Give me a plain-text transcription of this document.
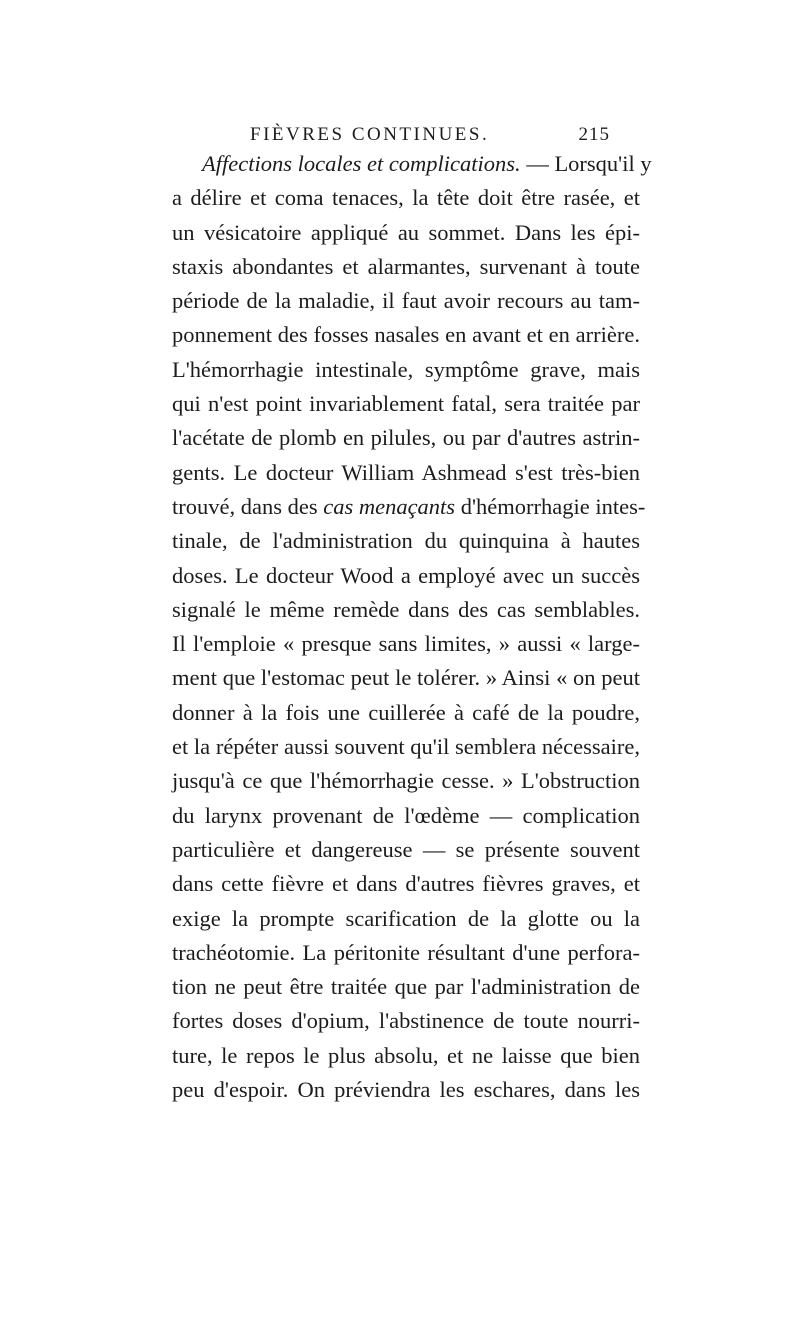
FIÈVRES CONTINUES.	215
Affections locales et complications. — Lorsqu'il y
a délire et coma tenaces, la tête doit être rasée, et
un vésicatoire appliqué au sommet. Dans les épi-
staxis abondantes et alarmantes, survenant à toute
période de la maladie, il faut avoir recours au tam-
ponnement des fosses nasales en avant et en arrière.
L'hémorrhagie intestinale, symptôme grave, mais
qui n'est point invariablement fatal, sera traitée par
l'acétate de plomb en pilules, ou par d'autres astrin-
gents. Le docteur William Ashmead s'est très-bien
trouvé, dans des cas menaçants d'hémorrhagie intes-
tinale, de l'administration du quinquina à hautes
doses. Le docteur Wood a employé avec un succès
signalé le même remède dans des cas semblables.
Il l'emploie « presque sans limites, » aussi « large-
ment que l'estomac peut le tolérer. » Ainsi « on peut
donner à la fois une cuillerée à café de la poudre,
et la répéter aussi souvent qu'il semblera nécessaire,
jusqu'à ce que l'hémorrhagie cesse. » L'obstruction
du larynx provenant de l'œdème — complication
particulière et dangereuse — se présente souvent
dans cette fièvre et dans d'autres fièvres graves, et
exige la prompte scarification de la glotte ou la
trachéotomie. La péritonite résultant d'une perfora-
tion ne peut être traitée que par l'administration de
fortes doses d'opium, l'abstinence de toute nourri-
ture, le repos le plus absolu, et ne laisse que bien
peu d'espoir. On préviendra les eschares, dans les
